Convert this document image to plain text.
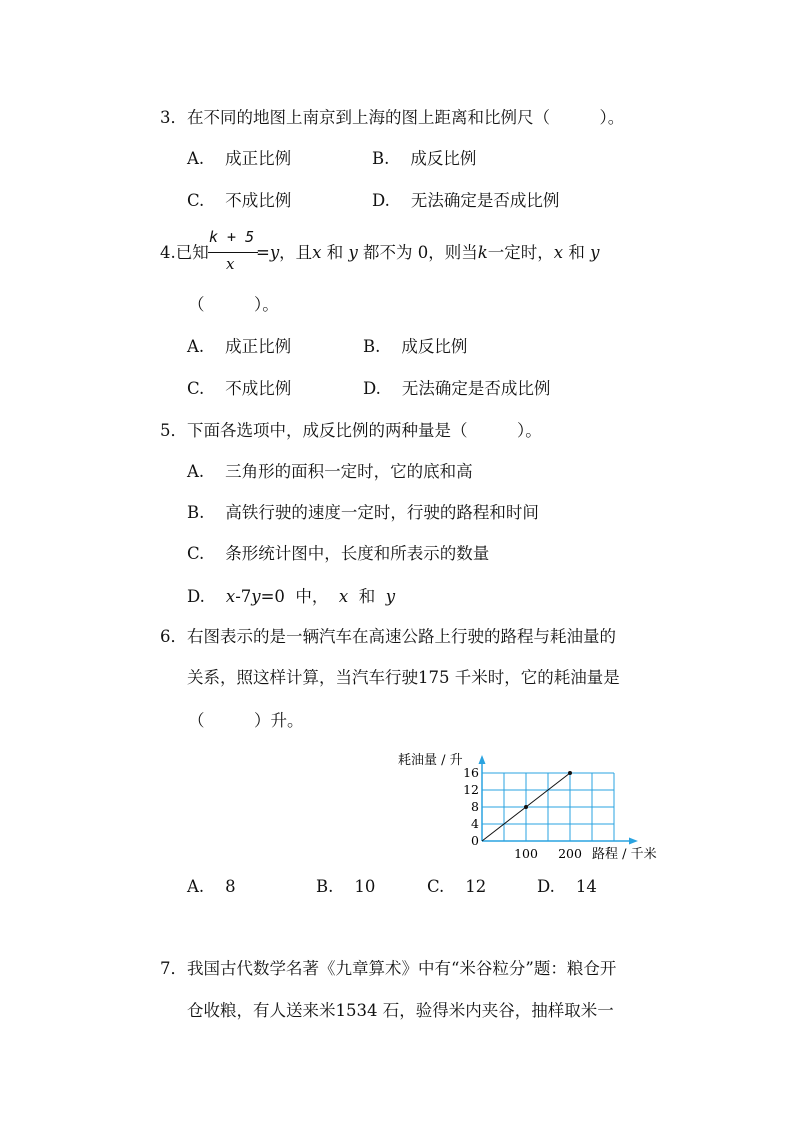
3．在不同的地图上南京到上海的图上距离和比例尺（　　　）。
A. 成正比例	B. 成反比例
C. 不成比例	D. 无法确定是否成比例
4.已知
k + 5
x
=y，且x 和 y 都不为 0，则当k一定时，x 和 y
（　　　）。
A. 成正比例	B. 成反比例
C. 不成比例	D. 无法确定是否成比例
5．下面各选项中，成反比例的两种量是（　　　）。
A. 三角形的面积一定时，它的底和高
B. 高铁行驶的速度一定时，行驶的路程和时间
C. 条形统计图中，长度和所表示的数量
D. x-7y=0 中， x 和 y
6．右图表示的是一辆汽车在高速公路上行驶的路程与耗油量的
关系，照这样计算，当汽车行驶175 千米时，它的耗油量是
（　　　）升。
0
4
8
12
16
100 200
耗油量 / 升
路程 / 千米
A. 8	B. 10	C. 12	D. 14
7．我国古代数学名著《九章算术》中有“米谷粒分”题：粮仓开
仓收粮，有人送来米1534 石，验得米内夹谷，抽样取米一
